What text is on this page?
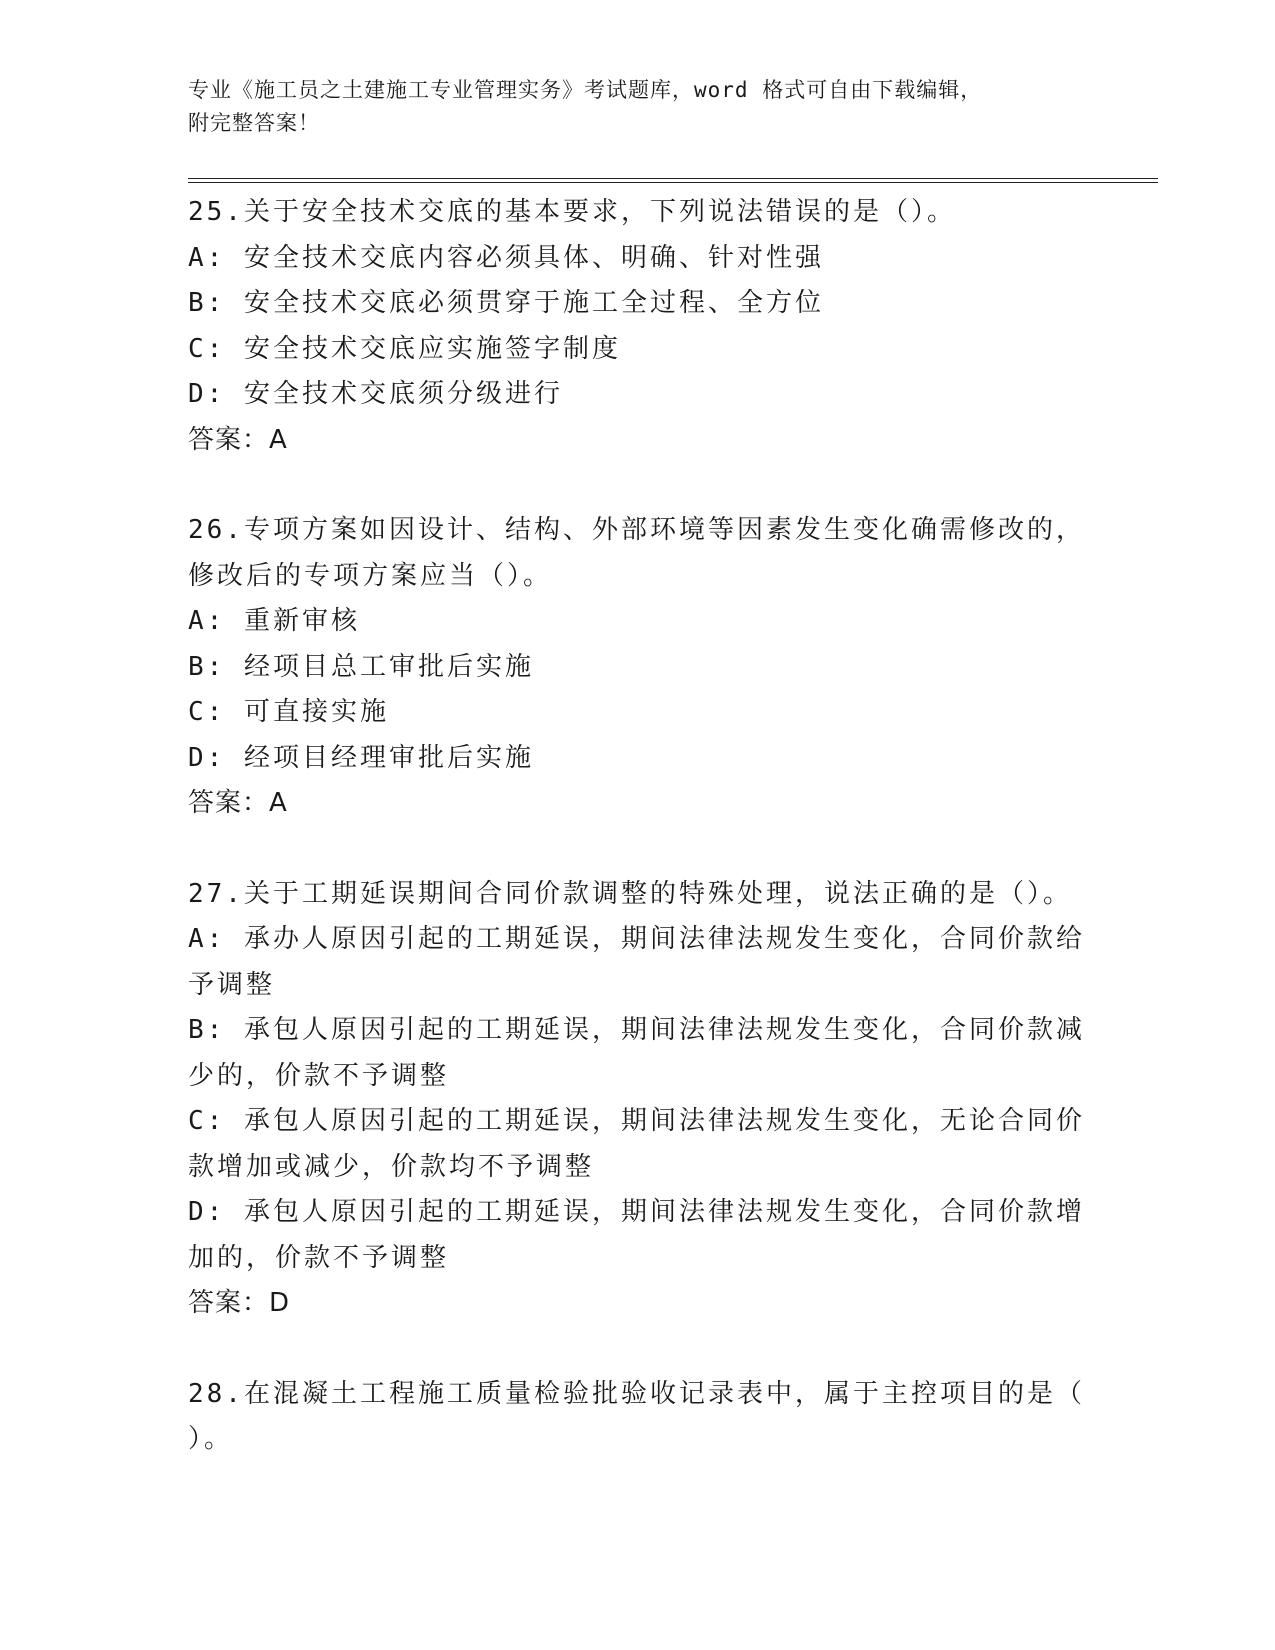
专业《施工员之土建施工专业管理实务》考试题库，word 格式可自由下载编辑，
附完整答案！
25.关于安全技术交底的基本要求，下列说法错误的是（）。
A: 安全技术交底内容必须具体、明确、针对性强
B: 安全技术交底必须贯穿于施工全过程、全方位
C: 安全技术交底应实施签字制度
D: 安全技术交底须分级进行
答案：A
26.专项方案如因设计、结构、外部环境等因素发生变化确需修改的，
修改后的专项方案应当（）。
A: 重新审核
B: 经项目总工审批后实施
C: 可直接实施
D: 经项目经理审批后实施
答案：A
27.关于工期延误期间合同价款调整的特殊处理，说法正确的是（）。
A: 承办人原因引起的工期延误，期间法律法规发生变化，合同价款给
予调整
B: 承包人原因引起的工期延误，期间法律法规发生变化，合同价款减
少的，价款不予调整
C: 承包人原因引起的工期延误，期间法律法规发生变化，无论合同价
款增加或减少，价款均不予调整
D: 承包人原因引起的工期延误，期间法律法规发生变化，合同价款增
加的，价款不予调整
答案：D
28.在混凝土工程施工质量检验批验收记录表中，属于主控项目的是（
）。
